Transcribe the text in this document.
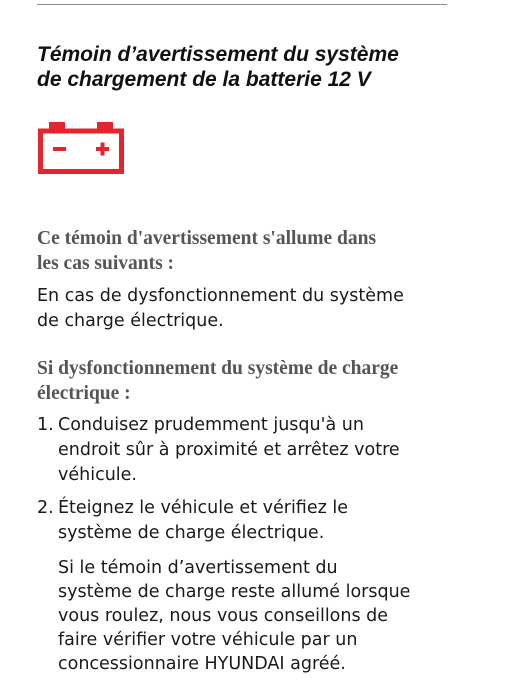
Témoin d’avertissement du système
de chargement de la batterie 12 V
Ce témoin d'avertissement s'allume dans
les cas suivants :

En cas de dysfonctionnement du système
de charge électrique.

Si dysfonctionnement du système de charge
électrique :
1. Conduisez prudemment jusqu'à un
endroit sûr à proximité et arrêtez votre
véhicule.
2. Éteignez le véhicule et vérifiez le
système de charge électrique.

Si le témoin d’avertissement du
système de charge reste allumé lorsque
vous roulez, nous vous conseillons de
faire vérifier votre véhicule par un
concessionnaire HYUNDAI agréé.
